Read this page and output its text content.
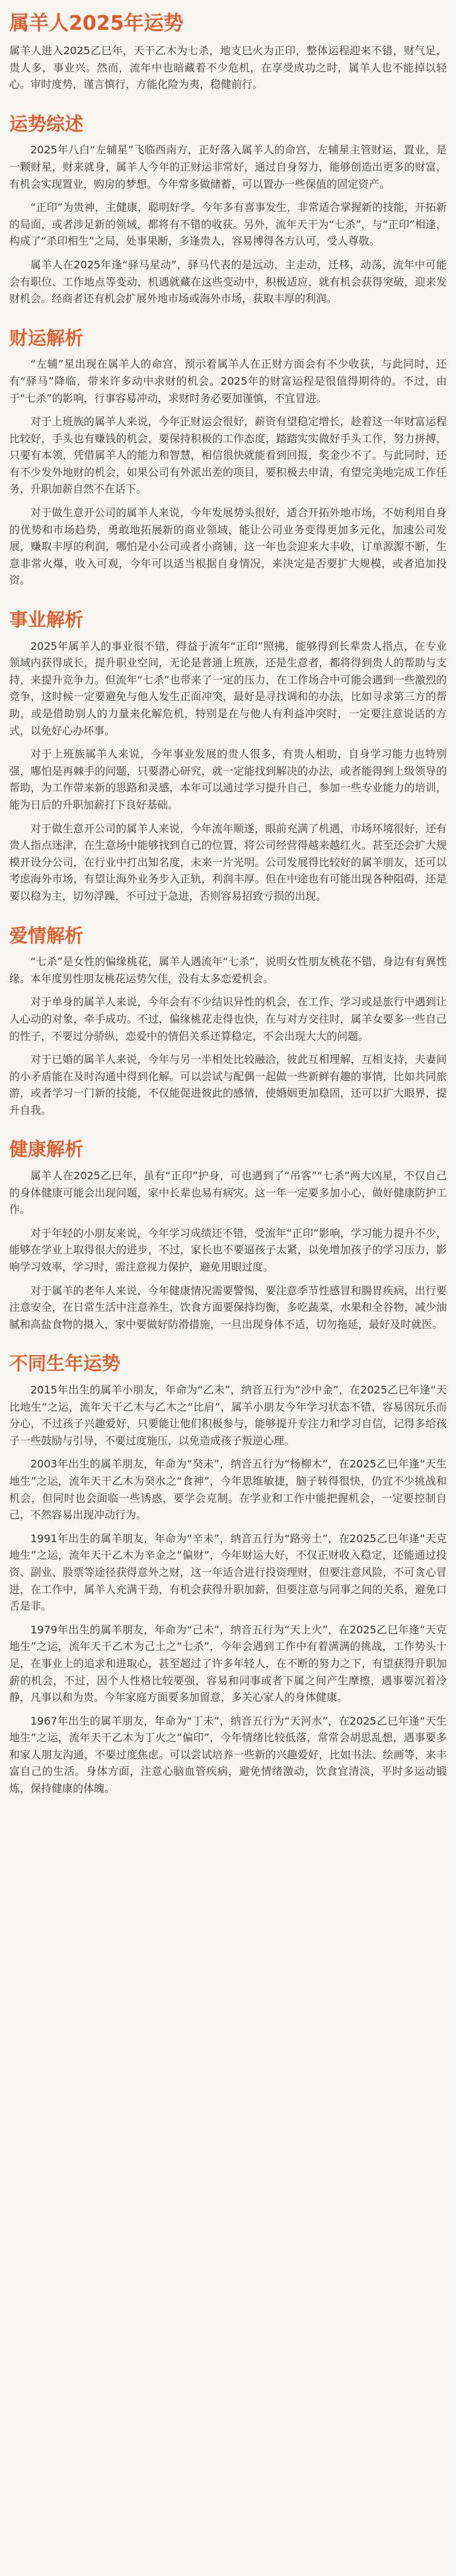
属羊人2025年运势

属羊人进入2025乙巳年，天干乙木为七杀，地支巳火为正印，整体运程迎来不错，财气足，贵人多，事业兴。然而，流年中也暗藏着不少危机，在享受成功之时，属羊人也不能掉以轻心。审时度势，谨言慎行，方能化险为夷，稳健前行。

运势综述

2025年八白“左辅星”飞临西南方，正好落入属羊人的命宫，左辅星主管财运，置业，是一颗财星，财来就身，属羊人今年的正财运非常好，通过自身努力，能够创造出更多的财富，有机会实现置业，购房的梦想。今年常多做储蓄，可以置办一些保值的固定资产。

“正印”为贵神，主健康，聪明好学。今年多有喜事发生，非常适合掌握新的技能，开拓新的局面，或者涉足新的领域，都将有不错的收获。另外，流年天干为“七杀”，与“正印”相逢，构成了“杀印相生”之局，处事果断，多逢贵人，容易博得各方认可，受人尊敬。

属羊人在2025年逢“驿马星动”，驿马代表的是远动，主走动，迁移，动荡，流年中可能会有职位、工作地点等变动，机遇就藏在这些变动中，积极适应，就有机会获得突破，迎来发财机会。经商者还有机会扩展外地市场或海外市场，获取丰厚的利润。

财运解析

“左辅”星出现在属羊人的命宫，预示着属羊人在正财方面会有不少收获，与此同时，还有“驿马”降临，带来许多动中求财的机会。2025年的财富运程是很值得期待的。不过，由于“七杀”的影响，行事容易冲动，求财时务必要加谨慎，不宜冒进。

对于上班族的属羊人来说，今年正财运会很好，薪资有望稳定增长，趁着这一年财富运程比较好，手头也有赚钱的机会，要保持积极的工作态度，踏踏实实做好手头工作，努力拼搏，只要有本领，凭借属羊人的能力和智慧，相信很快就能看到回报，奖金少不了。与此同时，还有不少发外地财的机会，如果公司有外派出差的项目，要积极去申请，有望完美地完成工作任务，升职加薪自然不在话下。

对于做生意开公司的属羊人来说，今年发展势头很好，适合开拓外地市场，不妨利用自身的优势和市场趋势，勇敢地拓展新的商业领域，能让公司业务变得更加多元化，加速公司发展，赚取丰厚的利润，哪怕是小公司或者小商铺，这一年也会迎来大丰收，订单源源不断，生意非常火爆，收入可观，今年可以适当根据自身情况，来决定是否要扩大规模，或者追加投资。

事业解析

2025年属羊人的事业很不错，得益于流年“正印”照拂，能够得到长辈贵人指点，在专业领域内获得成长，提升职业空间，无论是普通上班族，还是生意者，都将得到贵人的帮助与支持，来提升竞争力。但流年“七杀”也带来了一定的压力，在工作场合中可能会遇到一些激烈的竞争，这时候一定要避免与他人发生正面冲突，最好是寻找调和的办法，比如寻求第三方的帮助，或是借助别人的力量来化解危机，特别是在与他人有利益冲突时，一定要注意说话的方式，以免好心办坏事。

对于上班族属羊人来说，今年事业发展的贵人很多，有贵人相助，自身学习能力也特别强，哪怕是再棘手的问题，只要潜心研究，就一定能找到解决的办法，或者能得到上级领导的帮助，为工作带来新的思路和灵感，本年可以通过学习提升自己，参加一些专业能力的培训，能为日后的升职加薪打下良好基础。

对于做生意开公司的属羊人来说，今年流年顺遂，眼前充满了机遇，市场环境很好，还有贵人指点迷津，在生意场中能够找到自己的位置，将公司经营得越来越红火。甚至还会扩大规模开设分公司，在行业中打出知名度，未来一片光明。公司发展得比较好的属羊朋友，还可以考虑海外市场，有望让海外业务步入正轨，利润丰厚。但在中途也有可能出现各种阻碍，还是要以稳为主，切勿浮躁，不可过于急进，否则容易招致亏损的出现。

爱情解析

“七杀”是女性的偏缘桃花，属羊人遇流年“七杀”，说明女性朋友桃花不错，身边有有異性缘。本年度男性朋友桃花运势欠佳，没有太多恋爱机会。

对于单身的属羊人来说，今年会有不少结识异性的机会，在工作、学习或是旅行中遇到让人心动的对象，牵手成功。不过，偏缘桃花走得也快，在与对方交往时，属羊女要多一些自己的性子，不要过分骄纵，恋爱中的情侣关系还算稳定，不会出现大大的问题。

对于已婚的属羊人来说，今年与另一半相处比较融洽，彼此互相理解，互相支持，夫妻间的小矛盾能在及时沟通中得到化解。可以尝试与配偶一起做一些新鲜有趣的事情，比如共同旅游，或者学习一门新的技能，不仅能促进彼此的感情，使婚姻更加稳固，还可以扩大眼界，提升自我。

健康解析

属羊人在2025乙巳年，虽有“正印”护身，可也遇到了“吊客”“七杀”两大凶星，不仅自己的身体健康可能会出现问题，家中长辈也易有病灾。这一年一定要多加小心，做好健康防护工作。

对于年轻的小朋友来说，今年学习成绩还不错，受流年“正印”影响，学习能力提升不少，能够在学业上取得很大的进步，不过，家长也不要逼孩子太紧，以免增加孩子的学习压力，影响学习效率，学习时，需注意视力保护，避免用眼过度。

对于属羊的老年人来说，今年健康情况需要警惕，要注意季节性感冒和腸胃疾病，出行要注意安全，在日常生活中注意养生，饮食方面要保持均衡，多吃蔬菜，水果和全谷物，减少油腻和高盐食物的摄入，家中要做好防滑措施，一旦出现身体不适，切勿拖延，最好及时就医。

不同生年运势

2015年出生的属羊小朋友，年命为“乙未”，纳音五行为“沙中金”，在2025乙巳年逢“天比地生”之运，流年天干乙木与乙木之“比肩”，属羊小朋友今年学习状态不错，容易因玩乐而分心，不过孩子兴趣爱好，只要能让他们积极参与，能够提升专注力和学习自信，记得多给孩子一些鼓励与引导，不要过度施压，以免造成孩子叛逆心理。

2003年出生的属羊朋友，年命为“癸未”，纳音五行为“杨柳木”，在2025乙巳年逢“天生地生”之运，流年天干乙木为癸水之“食神”，今年思维敏捷，脑子转得很快，仍宜不少挑战和机会，但同时也会面临一些诱惑，要学会克制。在学业和工作中能把握机会，一定要控制自己，不然容易出现冲动行为。

1991年出生的属羊朋友，年命为“辛未”，纳音五行为“路旁土”，在2025乙巳年逢“天克地生”之运，流年天干乙木为辛金之“偏财”，今年财运大好，不仅正财收入稳定，还能通过投资、副业、股票等途径获得意外之财，这一年适合进行投资理财，但要注意风险，不可贪心冒进，在工作中，属羊人充满干劲，有机会获得升职加薪，但要注意与同事之间的关系，避免口舌是非。

1979年出生的属羊朋友，年命为“己未”，纳音五行为“天上火”，在2025乙巳年逢“天克地生”之运，流年天干乙木为己土之“七杀”，今年会遇到工作中有着满满的挑战，工作势头十足，在事业上的追求和进取心，甚至超过了许多年轻人，在不断的努力之下，有望获得升职加薪的机会，不过，因个人性格比较要强，容易和同事或者下属之间产生摩擦，遇事要沉着冷静，凡事以和为贵。今年家庭方面要多加留意，多关心家人的身体健康。

1967年出生的属羊朋友，年命为“丁未”，纳音五行为“天河水”，在2025乙巳年逢“天生地生”之运，流年天干乙木为丁火之“偏印”，今年情绪比较低落，常常会胡思乱想，遇事要多和家人朋友沟通，不要过度焦虑。可以尝试培养一些新的兴趣爱好，比如书法、绘画等，来丰富自己的生活。身体方面，注意心脑血管疾病，避免情绪激动，饮食宜清淡，平时多运动锻炼，保持健康的体魄。
